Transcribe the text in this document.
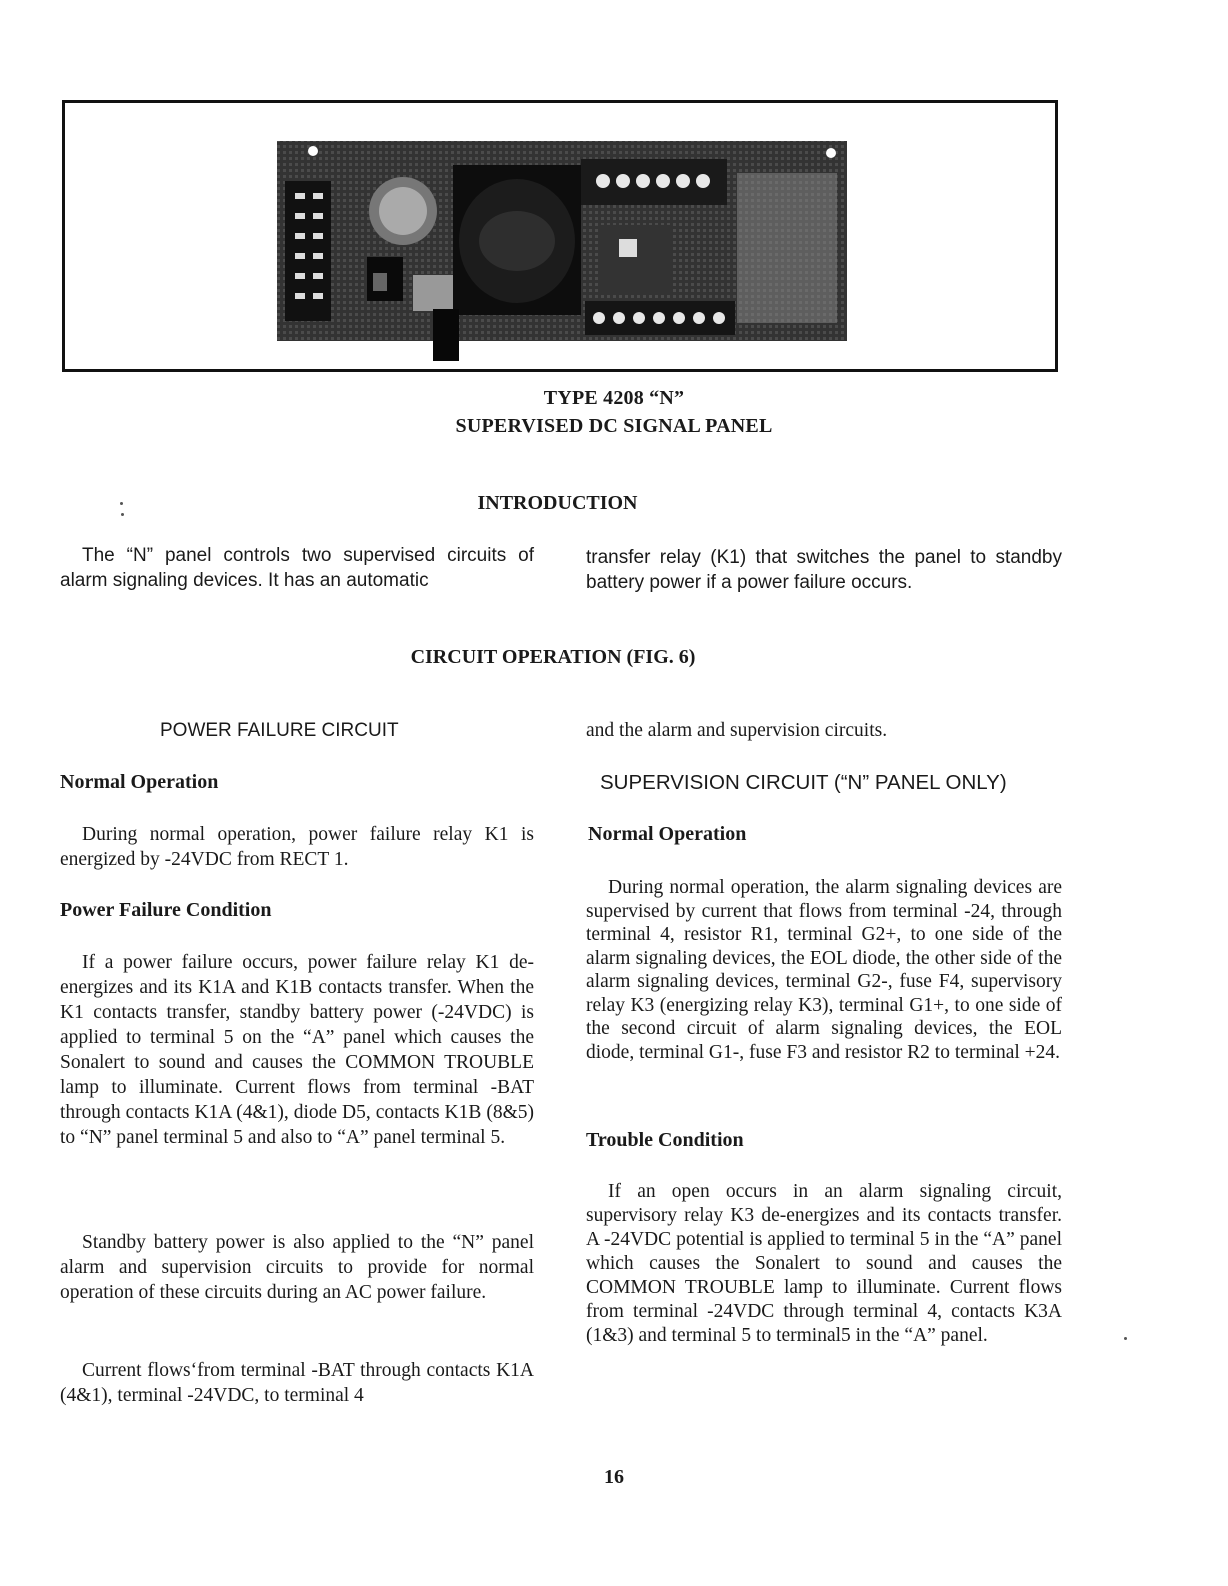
TYPE 4208 “N”
SUPERVISED DC SIGNAL PANEL
INTRODUCTION

The “N” panel controls two supervised circuits of alarm signaling devices. It has an automatic

transfer relay (K1) that switches the panel to standby battery power if a power failure occurs.

CIRCUIT OPERATION (FIG. 6)
POWER FAILURE CIRCUIT
Normal Operation

During normal operation, power failure relay K1 is energized by -24VDC from RECT 1.

Power Failure Condition

If a power failure occurs, power failure relay K1 de-energizes and its K1A and K1B contacts transfer. When the K1 contacts transfer, standby battery power (-24VDC) is applied to terminal 5 on the “A” panel which causes the Sonalert to sound and causes the COMMON TROUBLE lamp to illuminate. Current flows from terminal -BAT through contacts K1A (4&1), diode D5, contacts K1B (8&5) to “N” panel terminal 5 and also to “A” panel terminal 5.

Standby battery power is also applied to the “N” panel alarm and supervision circuits to provide for normal operation of these circuits during an AC power failure.

Current flows‘from terminal -BAT through contacts K1A (4&1), terminal -24VDC, to terminal 4

and the alarm and supervision circuits.

SUPERVISION CIRCUIT (“N” PANEL ONLY)
Normal Operation

During normal operation, the alarm signaling devices are supervised by current that flows from terminal -24, through terminal 4, resistor R1, terminal G2+, to one side of the alarm signaling devices, the EOL diode, the other side of the alarm signaling devices, terminal G2-, fuse F4, supervisory relay K3 (energizing relay K3), terminal G1+, to one side of the second circuit of alarm signaling devices, the EOL diode, terminal G1-, fuse F3 and resistor R2 to terminal +24.

Trouble Condition

If an open occurs in an alarm signaling circuit, supervisory relay K3 de-energizes and its contacts transfer. A -24VDC potential is applied to terminal 5 in the “A” panel which causes the Sonalert to sound and causes the COMMON TROUBLE lamp to illuminate. Current flows from terminal -24VDC through terminal 4, contacts K3A (1&3) and terminal 5 to terminal5 in the “A” panel.

16
